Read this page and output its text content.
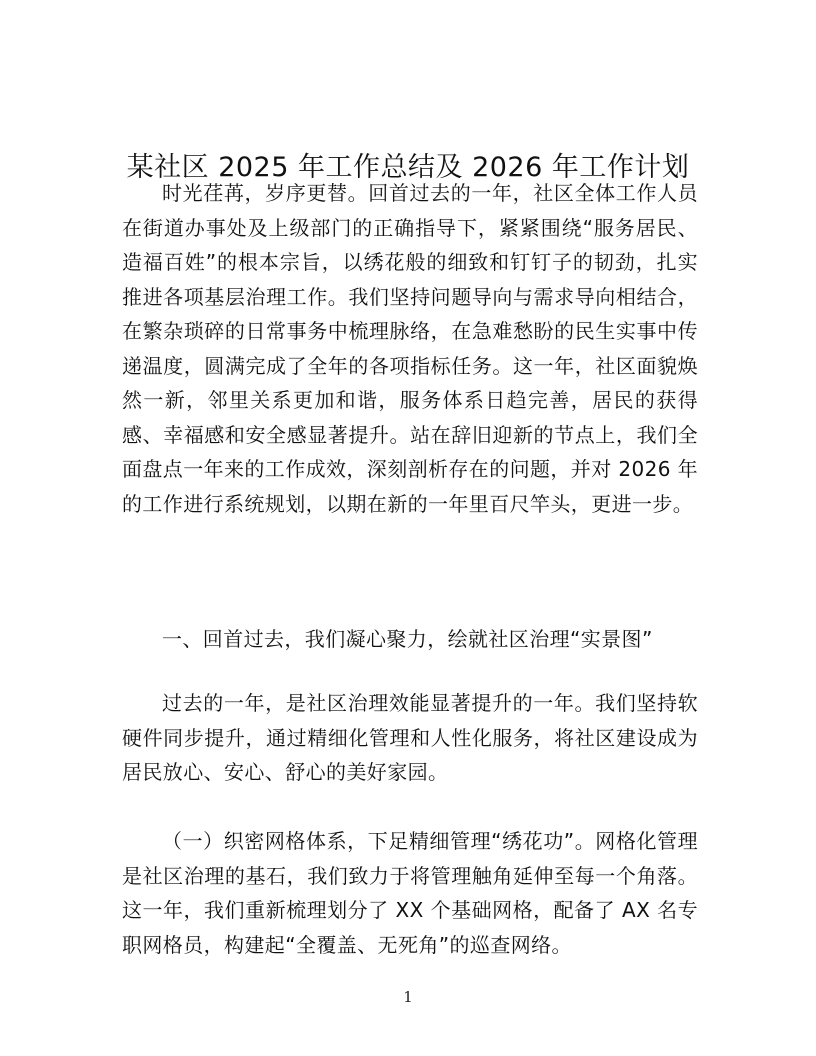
某社区 2025 年工作总结及 2026 年工作计划

时光荏苒，岁序更替。回首过去的一年，社区全体工作人员在街道办事处及上级部门的正确指导下，紧紧围绕“服务居民、造福百姓”的根本宗旨，以绣花般的细致和钉钉子的韧劲，扎实推进各项基层治理工作。我们坚持问题导向与需求导向相结合，在繁杂琐碎的日常事务中梳理脉络，在急难愁盼的民生实事中传递温度，圆满完成了全年的各项指标任务。这一年，社区面貌焕然一新，邻里关系更加和谐，服务体系日趋完善，居民的获得感、幸福感和安全感显著提升。站在辞旧迎新的节点上，我们全面盘点一年来的工作成效，深刻剖析存在的问题，并对 2026 年的工作进行系统规划，以期在新的一年里百尺竿头，更进一步。

一、回首过去，我们凝心聚力，绘就社区治理“实景图”

过去的一年，是社区治理效能显著提升的一年。我们坚持软硬件同步提升，通过精细化管理和人性化服务，将社区建设成为居民放心、安心、舒心的美好家园。

（一）织密网格体系，下足精细管理“绣花功”。网格化管理是社区治理的基石，我们致力于将管理触角延伸至每一个角落。这一年，我们重新梳理划分了 XX 个基础网格，配备了 AX 名专职网格员，构建起“全覆盖、无死角”的巡查网络。

1
